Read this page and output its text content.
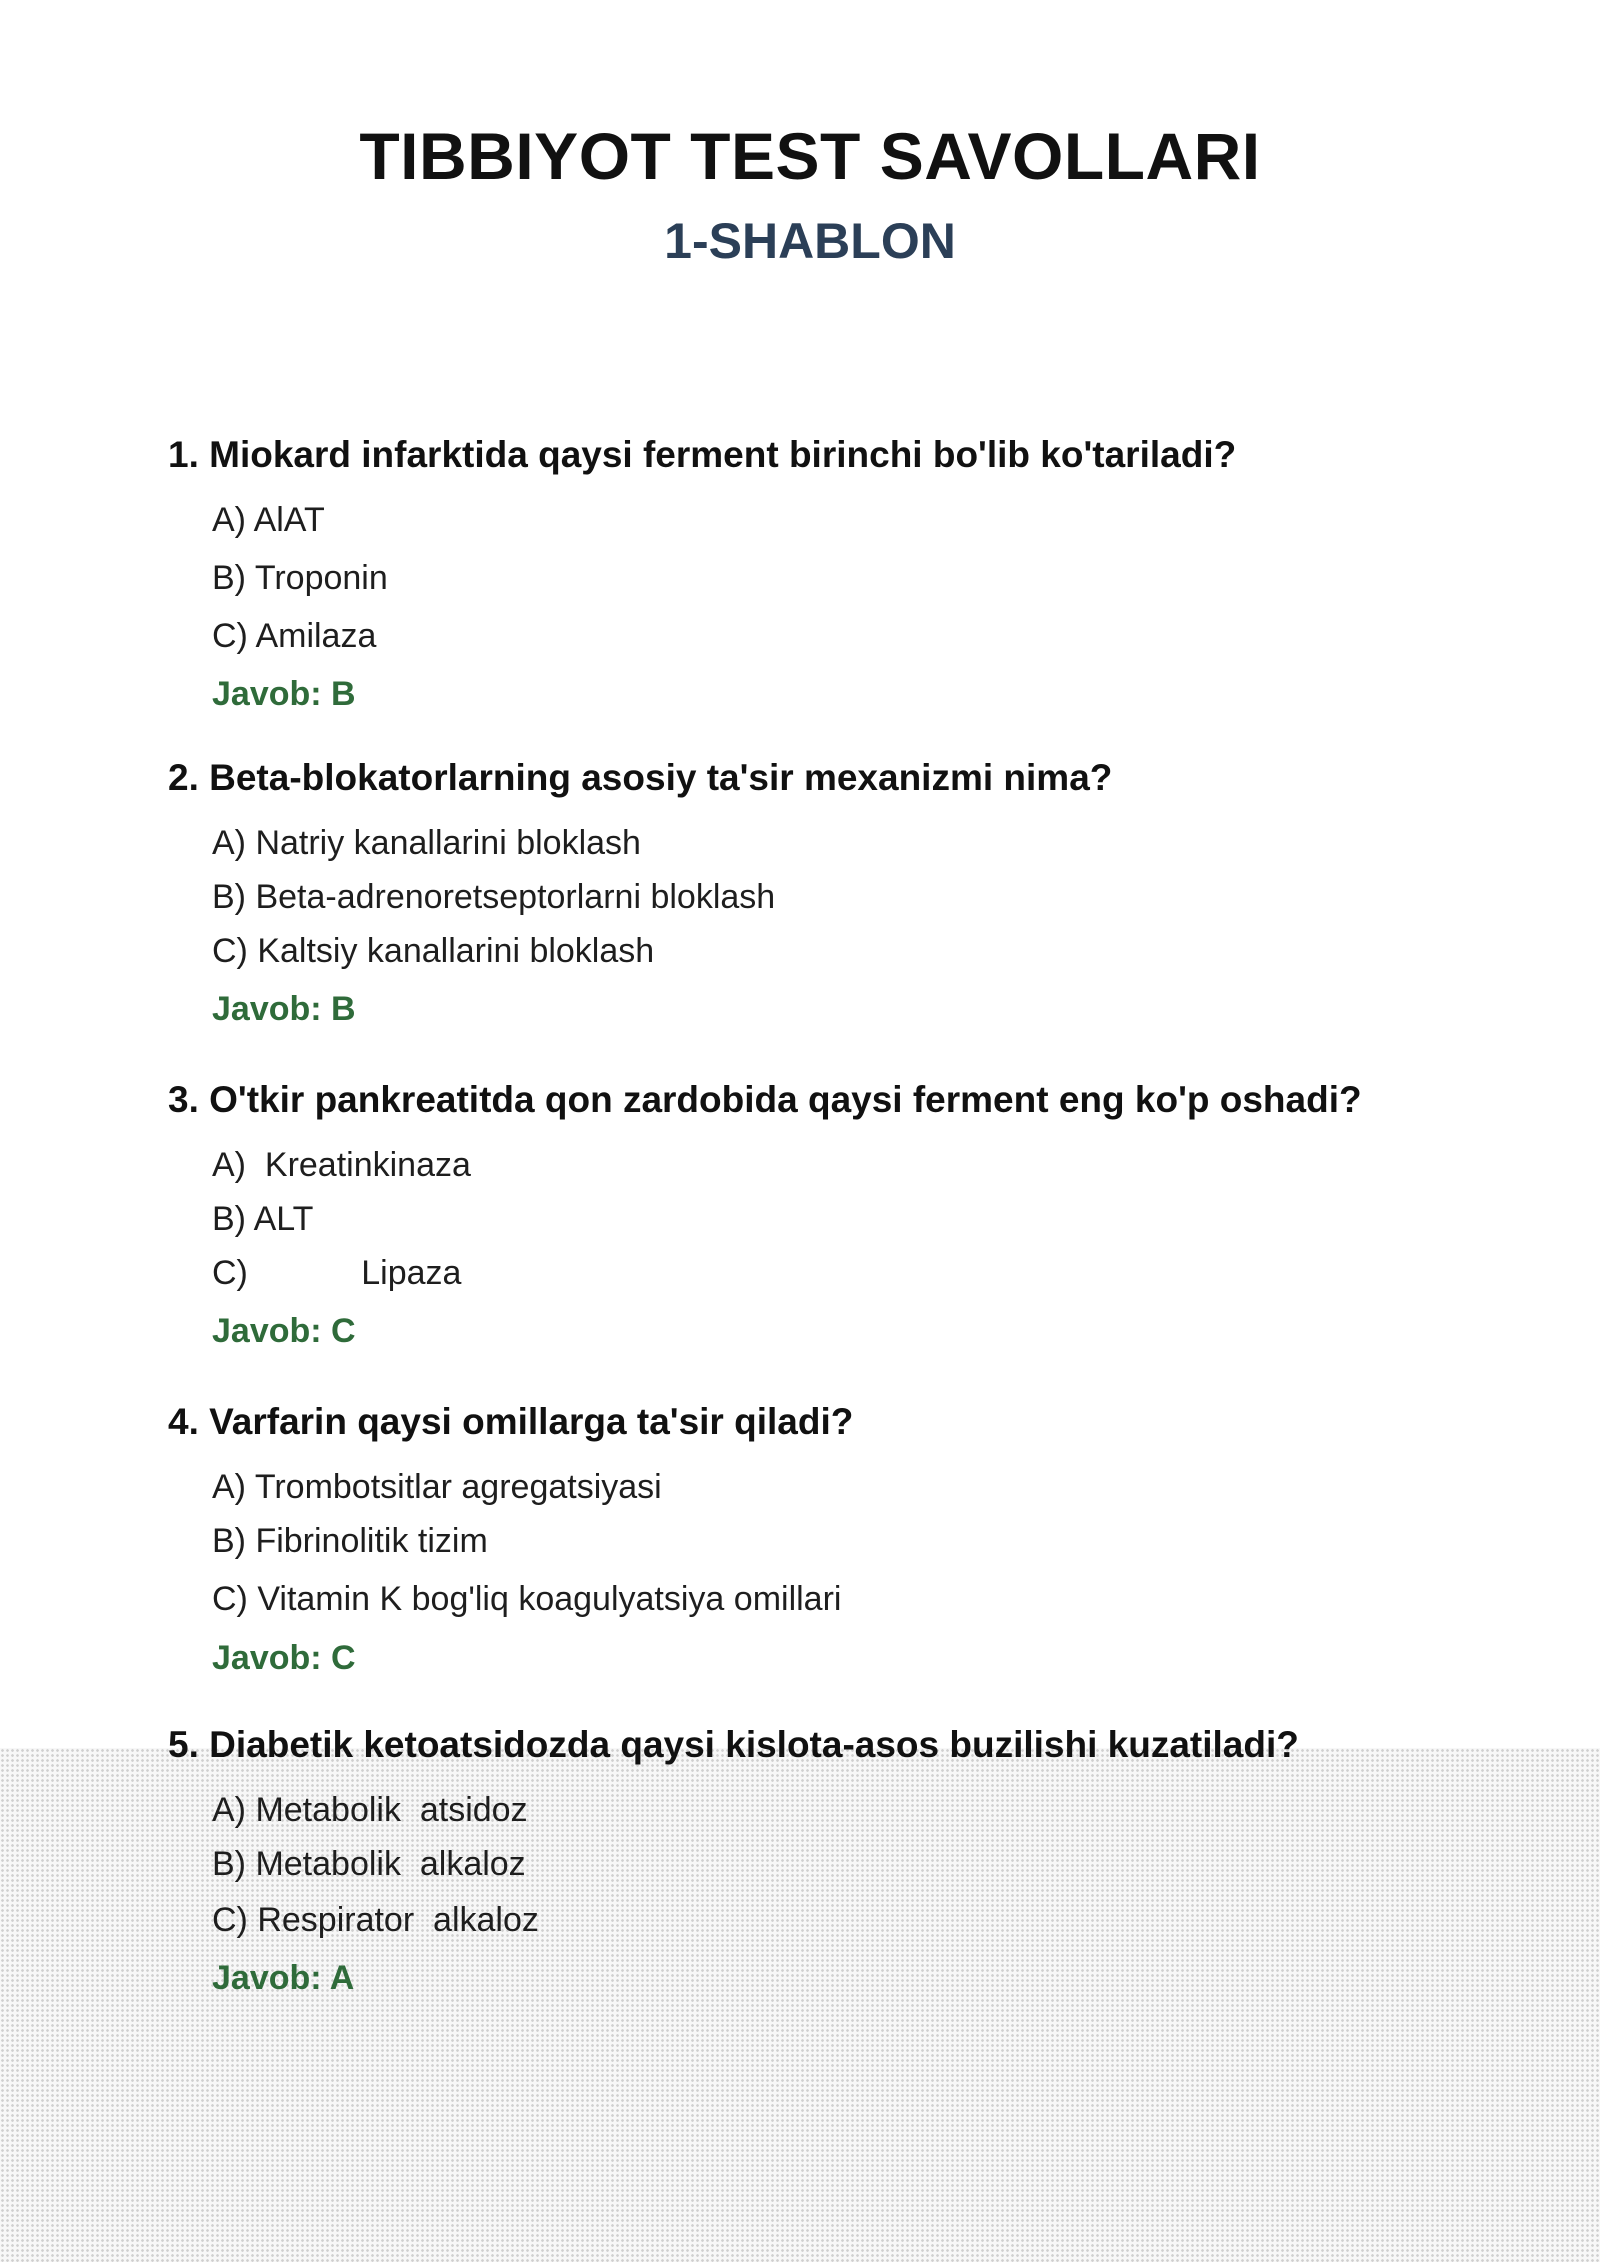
TIBBIYOT TEST SAVOLLARI
1-SHABLON
1. Miokard infarktida qaysi ferment birinchi bo'lib ko'tariladi?
A) AlAT
B) Troponin
C) Amilaza
Javob: B
2. Beta-blokatorlarning asosiy ta'sir mexanizmi nima?
A) Natriy kanallarini bloklash
B) Beta-adrenoretseptorlarni bloklash
C) Kaltsiy kanallarini bloklash
Javob: B
3. O'tkir pankreatitda qon zardobida qaysi ferment eng ko'p oshadi?
A)  Kreatinkinaza
B) ALT
C)            Lipaza
Javob: C
4. Varfarin qaysi omillarga ta'sir qiladi?
A) Trombotsitlar agregatsiyasi
B) Fibrinolitik tizim
C) Vitamin K bog'liq koagulyatsiya omillari
Javob: C
5. Diabetik ketoatsidozda qaysi kislota-asos buzilishi kuzatiladi?
A) Metabolik  atsidoz
B) Metabolik  alkaloz
C) Respirator  alkaloz
Javob: A
